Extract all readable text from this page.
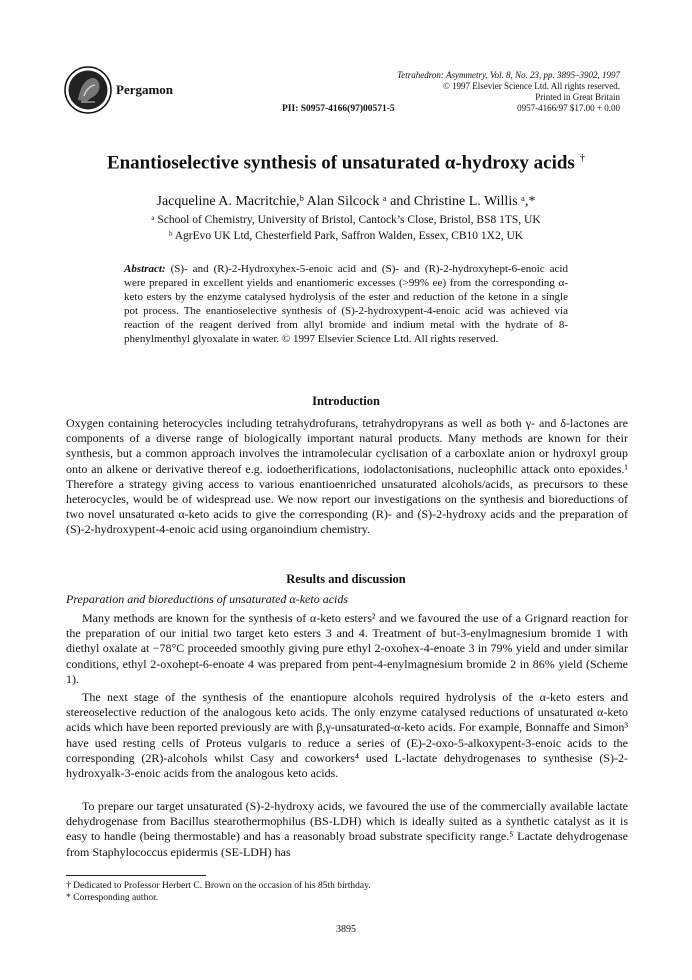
Pergamon
PII: S0957-4166(97)00571-5
Tetrahedron: Asymmetry, Vol. 8, No. 23, pp. 3895–3902, 1997
© 1997 Elsevier Science Ltd. All rights reserved.
Printed in Great Britain
0957-4166/97 $17.00 + 0.00
Enantioselective synthesis of unsaturated α-hydroxy acids †
Jacqueline A. Macritchie,ᵇ Alan Silcock ᵃ and Christine L. Willis ᵃ,*
ᵃ School of Chemistry, University of Bristol, Cantock’s Close, Bristol, BS8 1TS, UK
ᵇ AgrEvo UK Ltd, Chesterfield Park, Saffron Walden, Essex, CB10 1X2, UK
Abstract: (S)- and (R)-2-Hydroxyhex-5-enoic acid and (S)- and (R)-2-hydroxyhept-6-enoic acid were prepared in excellent yields and enantiomeric excesses (>99% ee) from the corresponding α-keto esters by the enzyme catalysed hydrolysis of the ester and reduction of the ketone in a single pot process. The enantioselective synthesis of (S)-2-hydroxypent-4-enoic acid was achieved via reaction of the reagent derived from allyl bromide and indium metal with the hydrate of 8-phenylmenthyl glyoxalate in water. © 1997 Elsevier Science Ltd. All rights reserved.
Introduction
Oxygen containing heterocycles including tetrahydrofurans, tetrahydropyrans as well as both γ- and δ-lactones are components of a diverse range of biologically important natural products. Many methods are known for their synthesis, but a common approach involves the intramolecular cyclisation of a carboxlate anion or hydroxyl group onto an alkene or derivative thereof e.g. iodoetherifications, iodolactonisations, nucleophilic attack onto epoxides.¹ Therefore a strategy giving access to various enantioenriched unsaturated alcohols/acids, as precursors to these heterocycles, would be of widespread use. We now report our investigations on the synthesis and bioreductions of two novel unsaturated α-keto acids to give the corresponding (R)- and (S)-2-hydroxy acids and the preparation of (S)-2-hydroxypent-4-enoic acid using organoindium chemistry.
Results and discussion
Preparation and bioreductions of unsaturated α-keto acids
Many methods are known for the synthesis of α-keto esters² and we favoured the use of a Grignard reaction for the preparation of our initial two target keto esters 3 and 4. Treatment of but-3-enylmagnesium bromide 1 with diethyl oxalate at −78°C proceeded smoothly giving pure ethyl 2-oxohex-4-enoate 3 in 79% yield and under similar conditions, ethyl 2-oxohept-6-enoate 4 was prepared from pent-4-enylmagnesium bromide 2 in 86% yield (Scheme 1).
The next stage of the synthesis of the enantiopure alcohols required hydrolysis of the α-keto esters and stereoselective reduction of the analogous keto acids. The only enzyme catalysed reductions of unsaturated α-keto acids which have been reported previously are with β,γ-unsaturated-α-keto acids. For example, Bonnaffe and Simon³ have used resting cells of Proteus vulgaris to reduce a series of (E)-2-oxo-5-alkoxypent-3-enoic acids to the corresponding (2R)-alcohols whilst Casy and coworkers⁴ used L-lactate dehydrogenases to synthesise (S)-2-hydroxyalk-3-enoic acids from the analogous keto acids.
To prepare our target unsaturated (S)-2-hydroxy acids, we favoured the use of the commercially available lactate dehydrogenase from Bacillus stearothermophilus (BS-LDH) which is ideally suited as a synthetic catalyst as it is easy to handle (being thermostable) and has a reasonably broad substrate specificity range.⁵ Lactate dehydrogenase from Staphylococcus epidermis (SE-LDH) has
† Dedicated to Professor Herbert C. Brown on the occasion of his 85th birthday.
* Corresponding author.
3895
